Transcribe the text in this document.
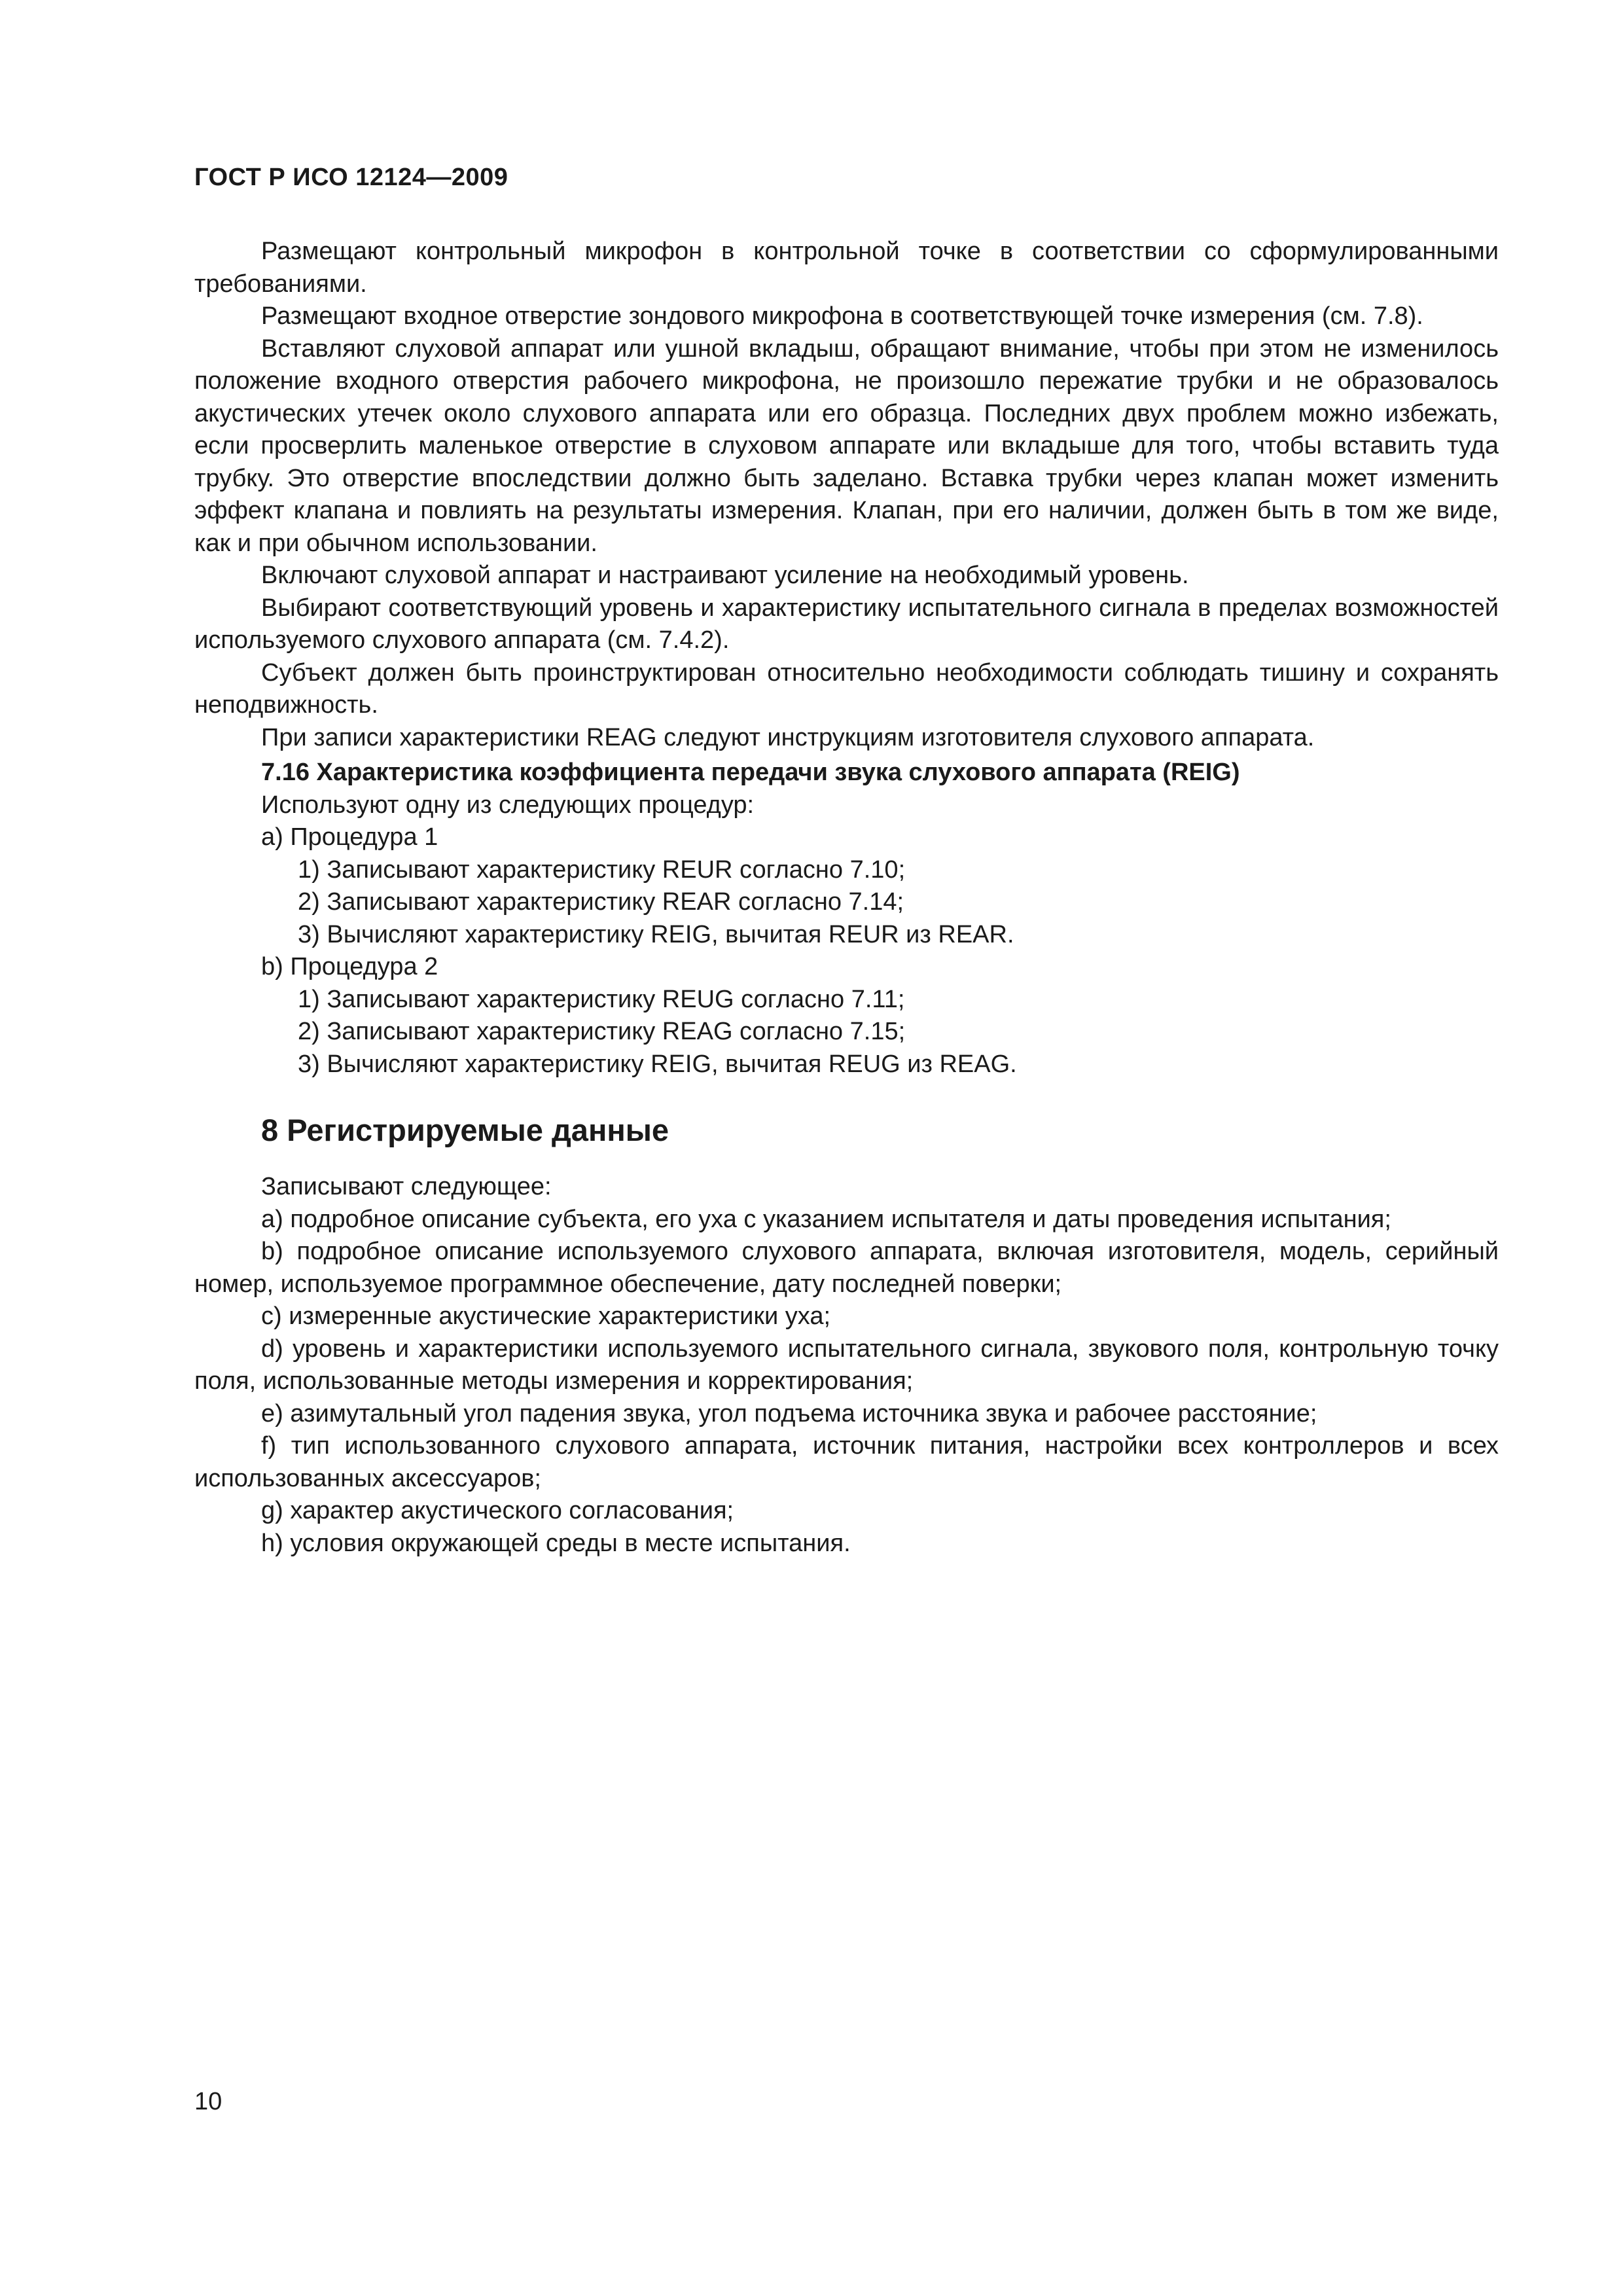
ГОСТ Р ИСО 12124—2009

Размещают контрольный микрофон в контрольной точке в соответствии со сформулированными требованиями.

Размещают входное отверстие зондового микрофона в соответствующей точке измерения (см. 7.8).

Вставляют слуховой аппарат или ушной вкладыш, обращают внимание, чтобы при этом не изменилось положение входного отверстия рабочего микрофона, не произошло пережатие трубки и не образовалось акустических утечек около слухового аппарата или его образца. Последних двух проблем можно избежать, если просверлить маленькое отверстие в слуховом аппарате или вкладыше для того, чтобы вставить туда трубку. Это отверстие впоследствии должно быть заделано. Вставка трубки через клапан может изменить эффект клапана и повлиять на результаты измерения. Клапан, при его наличии, должен быть в том же виде, как и при обычном использовании.

Включают слуховой аппарат и настраивают усиление на необходимый уровень.

Выбирают соответствующий уровень и характеристику испытательного сигнала в пределах возможностей используемого слухового аппарата (см. 7.4.2).

Субъект должен быть проинструктирован относительно необходимости соблюдать тишину и сохранять неподвижность.

При записи характеристики REAG следуют инструкциям изготовителя слухового аппарата.

7.16 Характеристика коэффициента передачи звука слухового аппарата (REIG)

Используют одну из следующих процедур:

а) Процедура 1

1) Записывают характеристику REUR согласно 7.10;

2) Записывают характеристику REAR согласно 7.14;

3) Вычисляют характеристику REIG, вычитая REUR из REAR.

b) Процедура 2

1) Записывают характеристику REUG согласно 7.11;

2) Записывают характеристику REAG согласно 7.15;

3) Вычисляют характеристику REIG, вычитая REUG из REAG.

8 Регистрируемые данные

Записывают следующее:

а) подробное описание субъекта, его уха с указанием испытателя и даты проведения испытания;

b) подробное описание используемого слухового аппарата, включая изготовителя, модель, серийный номер, используемое программное обеспечение, дату последней поверки;

c) измеренные акустические характеристики уха;

d) уровень и характеристики используемого испытательного сигнала, звукового поля, контрольную точку поля, использованные методы измерения и корректирования;

e) азимутальный угол падения звука, угол подъема источника звука и рабочее расстояние;

f) тип использованного слухового аппарата, источник питания, настройки всех контроллеров и всех использованных аксессуаров;

g) характер акустического согласования;

h) условия окружающей среды в месте испытания.

10
